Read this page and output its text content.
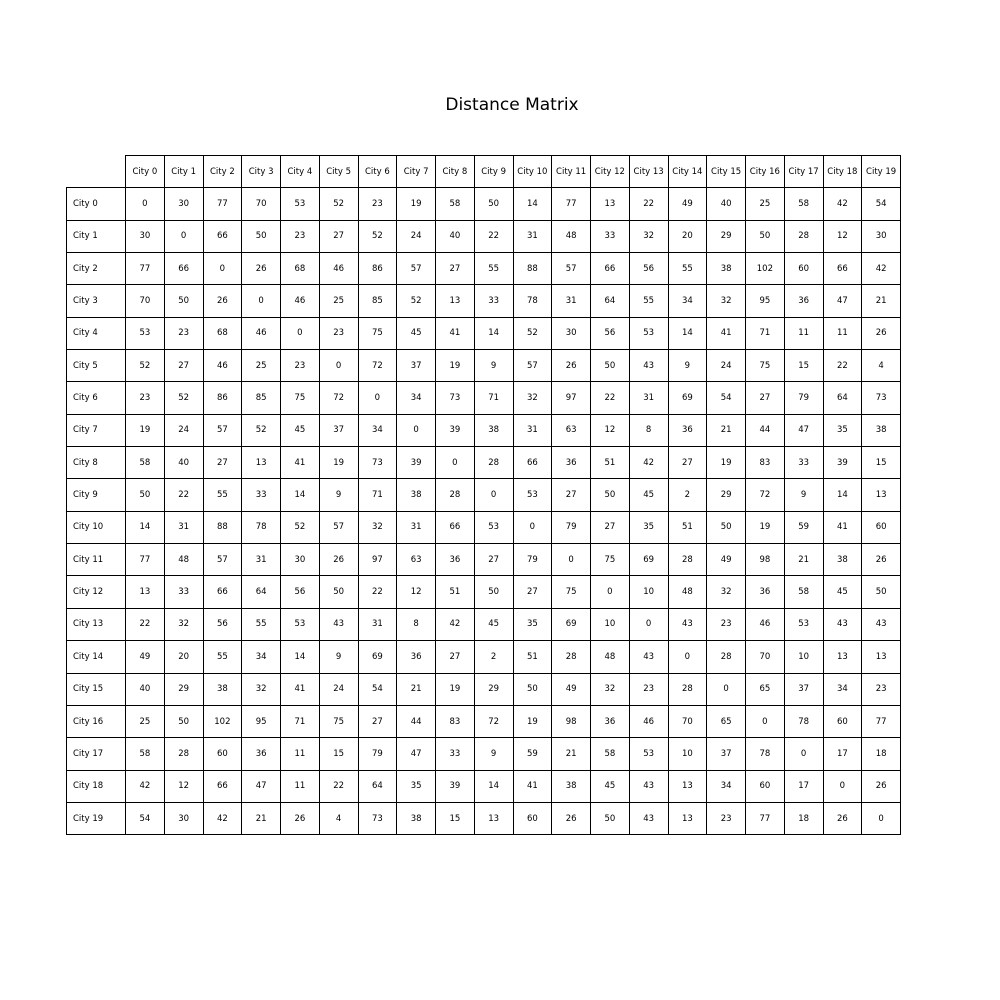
Distance Matrix
	City 0	City 1	City 2	City 3	City 4	City 5	City 6	City 7	City 8	City 9	City 10	City 11	City 12	City 13	City 14	City 15	City 16	City 17	City 18	City 19
City 0	0	30	77	70	53	52	23	19	58	50	14	77	13	22	49	40	25	58	42	54
City 1	30	0	66	50	23	27	52	24	40	22	31	48	33	32	20	29	50	28	12	30
City 2	77	66	0	26	68	46	86	57	27	55	88	57	66	56	55	38	102	60	66	42
City 3	70	50	26	0	46	25	85	52	13	33	78	31	64	55	34	32	95	36	47	21
City 4	53	23	68	46	0	23	75	45	41	14	52	30	56	53	14	41	71	11	11	26
City 5	52	27	46	25	23	0	72	37	19	9	57	26	50	43	9	24	75	15	22	4
City 6	23	52	86	85	75	72	0	34	73	71	32	97	22	31	69	54	27	79	64	73
City 7	19	24	57	52	45	37	34	0	39	38	31	63	12	8	36	21	44	47	35	38
City 8	58	40	27	13	41	19	73	39	0	28	66	36	51	42	27	19	83	33	39	15
City 9	50	22	55	33	14	9	71	38	28	0	53	27	50	45	2	29	72	9	14	13
City 10	14	31	88	78	52	57	32	31	66	53	0	79	27	35	51	50	19	59	41	60
City 11	77	48	57	31	30	26	97	63	36	27	79	0	75	69	28	49	98	21	38	26
City 12	13	33	66	64	56	50	22	12	51	50	27	75	0	10	48	32	36	58	45	50
City 13	22	32	56	55	53	43	31	8	42	45	35	69	10	0	43	23	46	53	43	43
City 14	49	20	55	34	14	9	69	36	27	2	51	28	48	43	0	28	70	10	13	13
City 15	40	29	38	32	41	24	54	21	19	29	50	49	32	23	28	0	65	37	34	23
City 16	25	50	102	95	71	75	27	44	83	72	19	98	36	46	70	65	0	78	60	77
City 17	58	28	60	36	11	15	79	47	33	9	59	21	58	53	10	37	78	0	17	18
City 18	42	12	66	47	11	22	64	35	39	14	41	38	45	43	13	34	60	17	0	26
City 19	54	30	42	21	26	4	73	38	15	13	60	26	50	43	13	23	77	18	26	0
